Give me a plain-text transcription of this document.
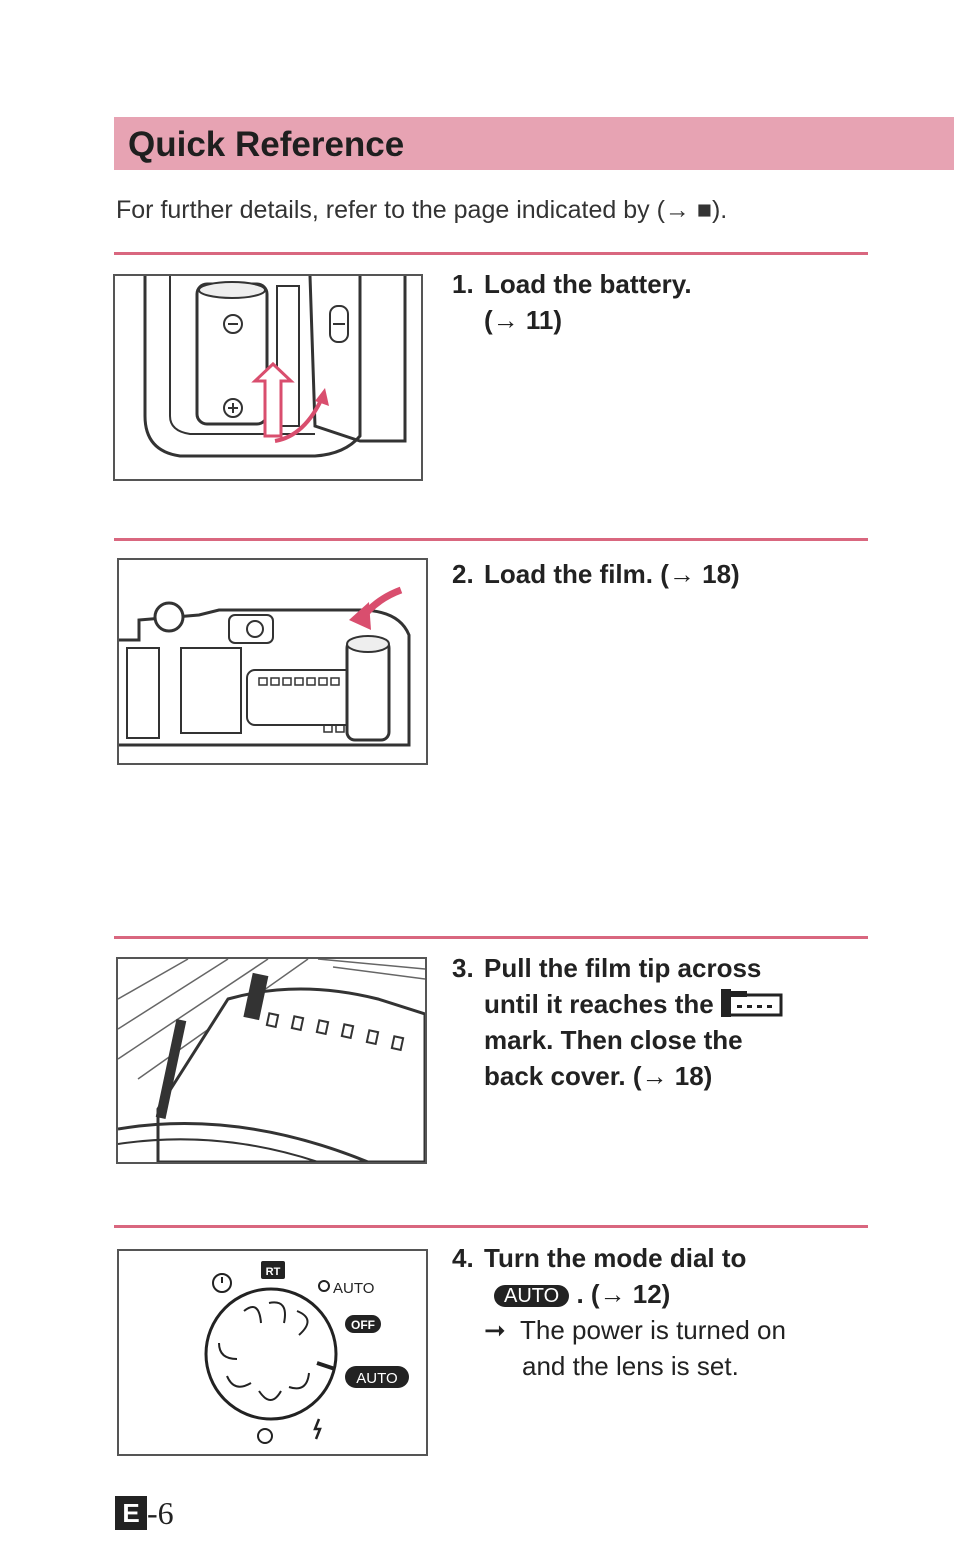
Quick Reference
For further details, refer to the page indicated by (→ ■).
1. Load the battery.
(→ 11)
2. Load the film. (→ 18)
3. Pull the film tip across
until it reaches the
mark. Then close the
back cover. (→ 18)
RT
AUTO
OFF
AUTO
4. Turn the mode dial to
AUTO . (→ 12)
➞ The power is turned on
and the lens is set.
E -6
